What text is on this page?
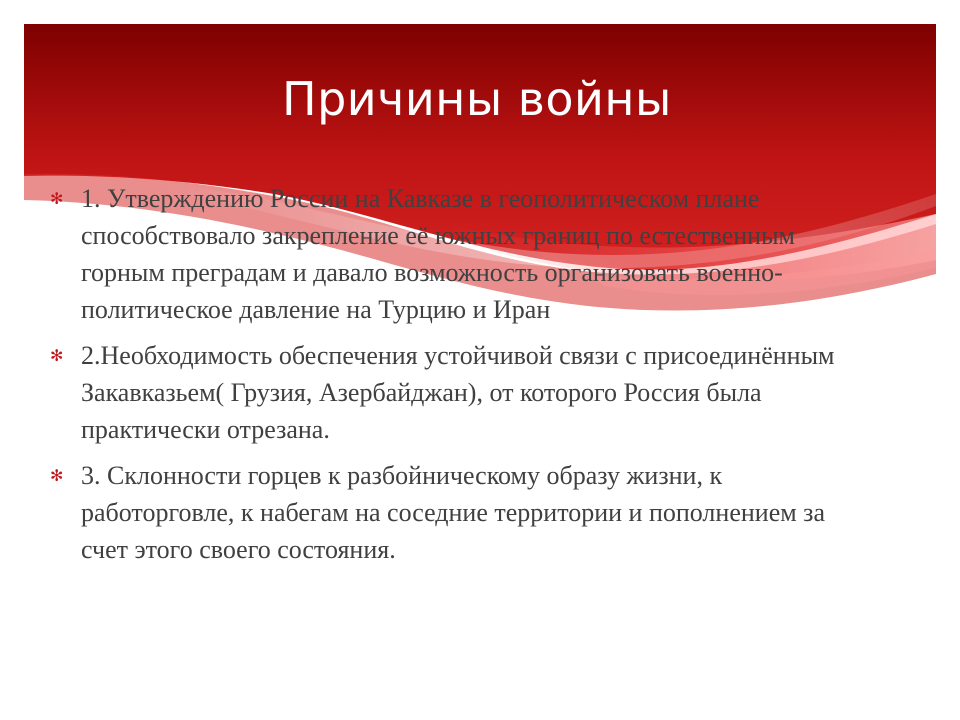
Причины войны
✻ 1. Утверждению России на Кавказе в геополитическом плане способствовало закрепление её южных границ по естественным горным преградам и давало возможность организовать военно-политическое давление на Турцию и Иран
✻ 2.Необходимость обеспечения устойчивой связи с присоединённым Закавказьем( Грузия, Азербайджан), от которого Россия была практически отрезана.
✻ 3. Склонности горцев к разбойническому образу жизни, к работорговле, к набегам на соседние территории и пополнением за счет этого своего состояния.
